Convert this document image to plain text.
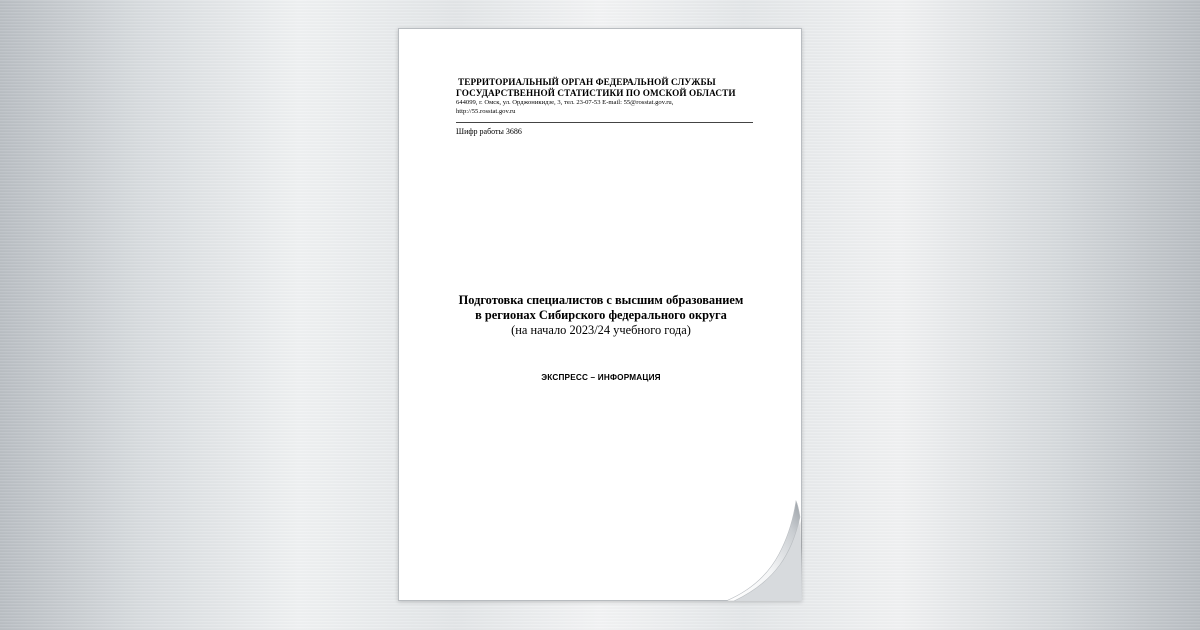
ТЕРРИТОРИАЛЬНЫЙ ОРГАН ФЕДЕРАЛЬНОЙ СЛУЖБЫ
ГОСУДАРСТВЕННОЙ СТАТИСТИКИ ПО ОМСКОЙ ОБЛАСТИ
644099, г. Омск, ул. Орджоникидзе, 3, тел. 23-07-53 E-mail: 55@rosstat.gov.ru,
http://55.rosstat.gov.ru
Шифр работы 3686
Подготовка специалистов с высшим образованием
в регионах Сибирского федерального округа
(на начало 2023/24 учебного года)
ЭКСПРЕСС – ИНФОРМАЦИЯ
